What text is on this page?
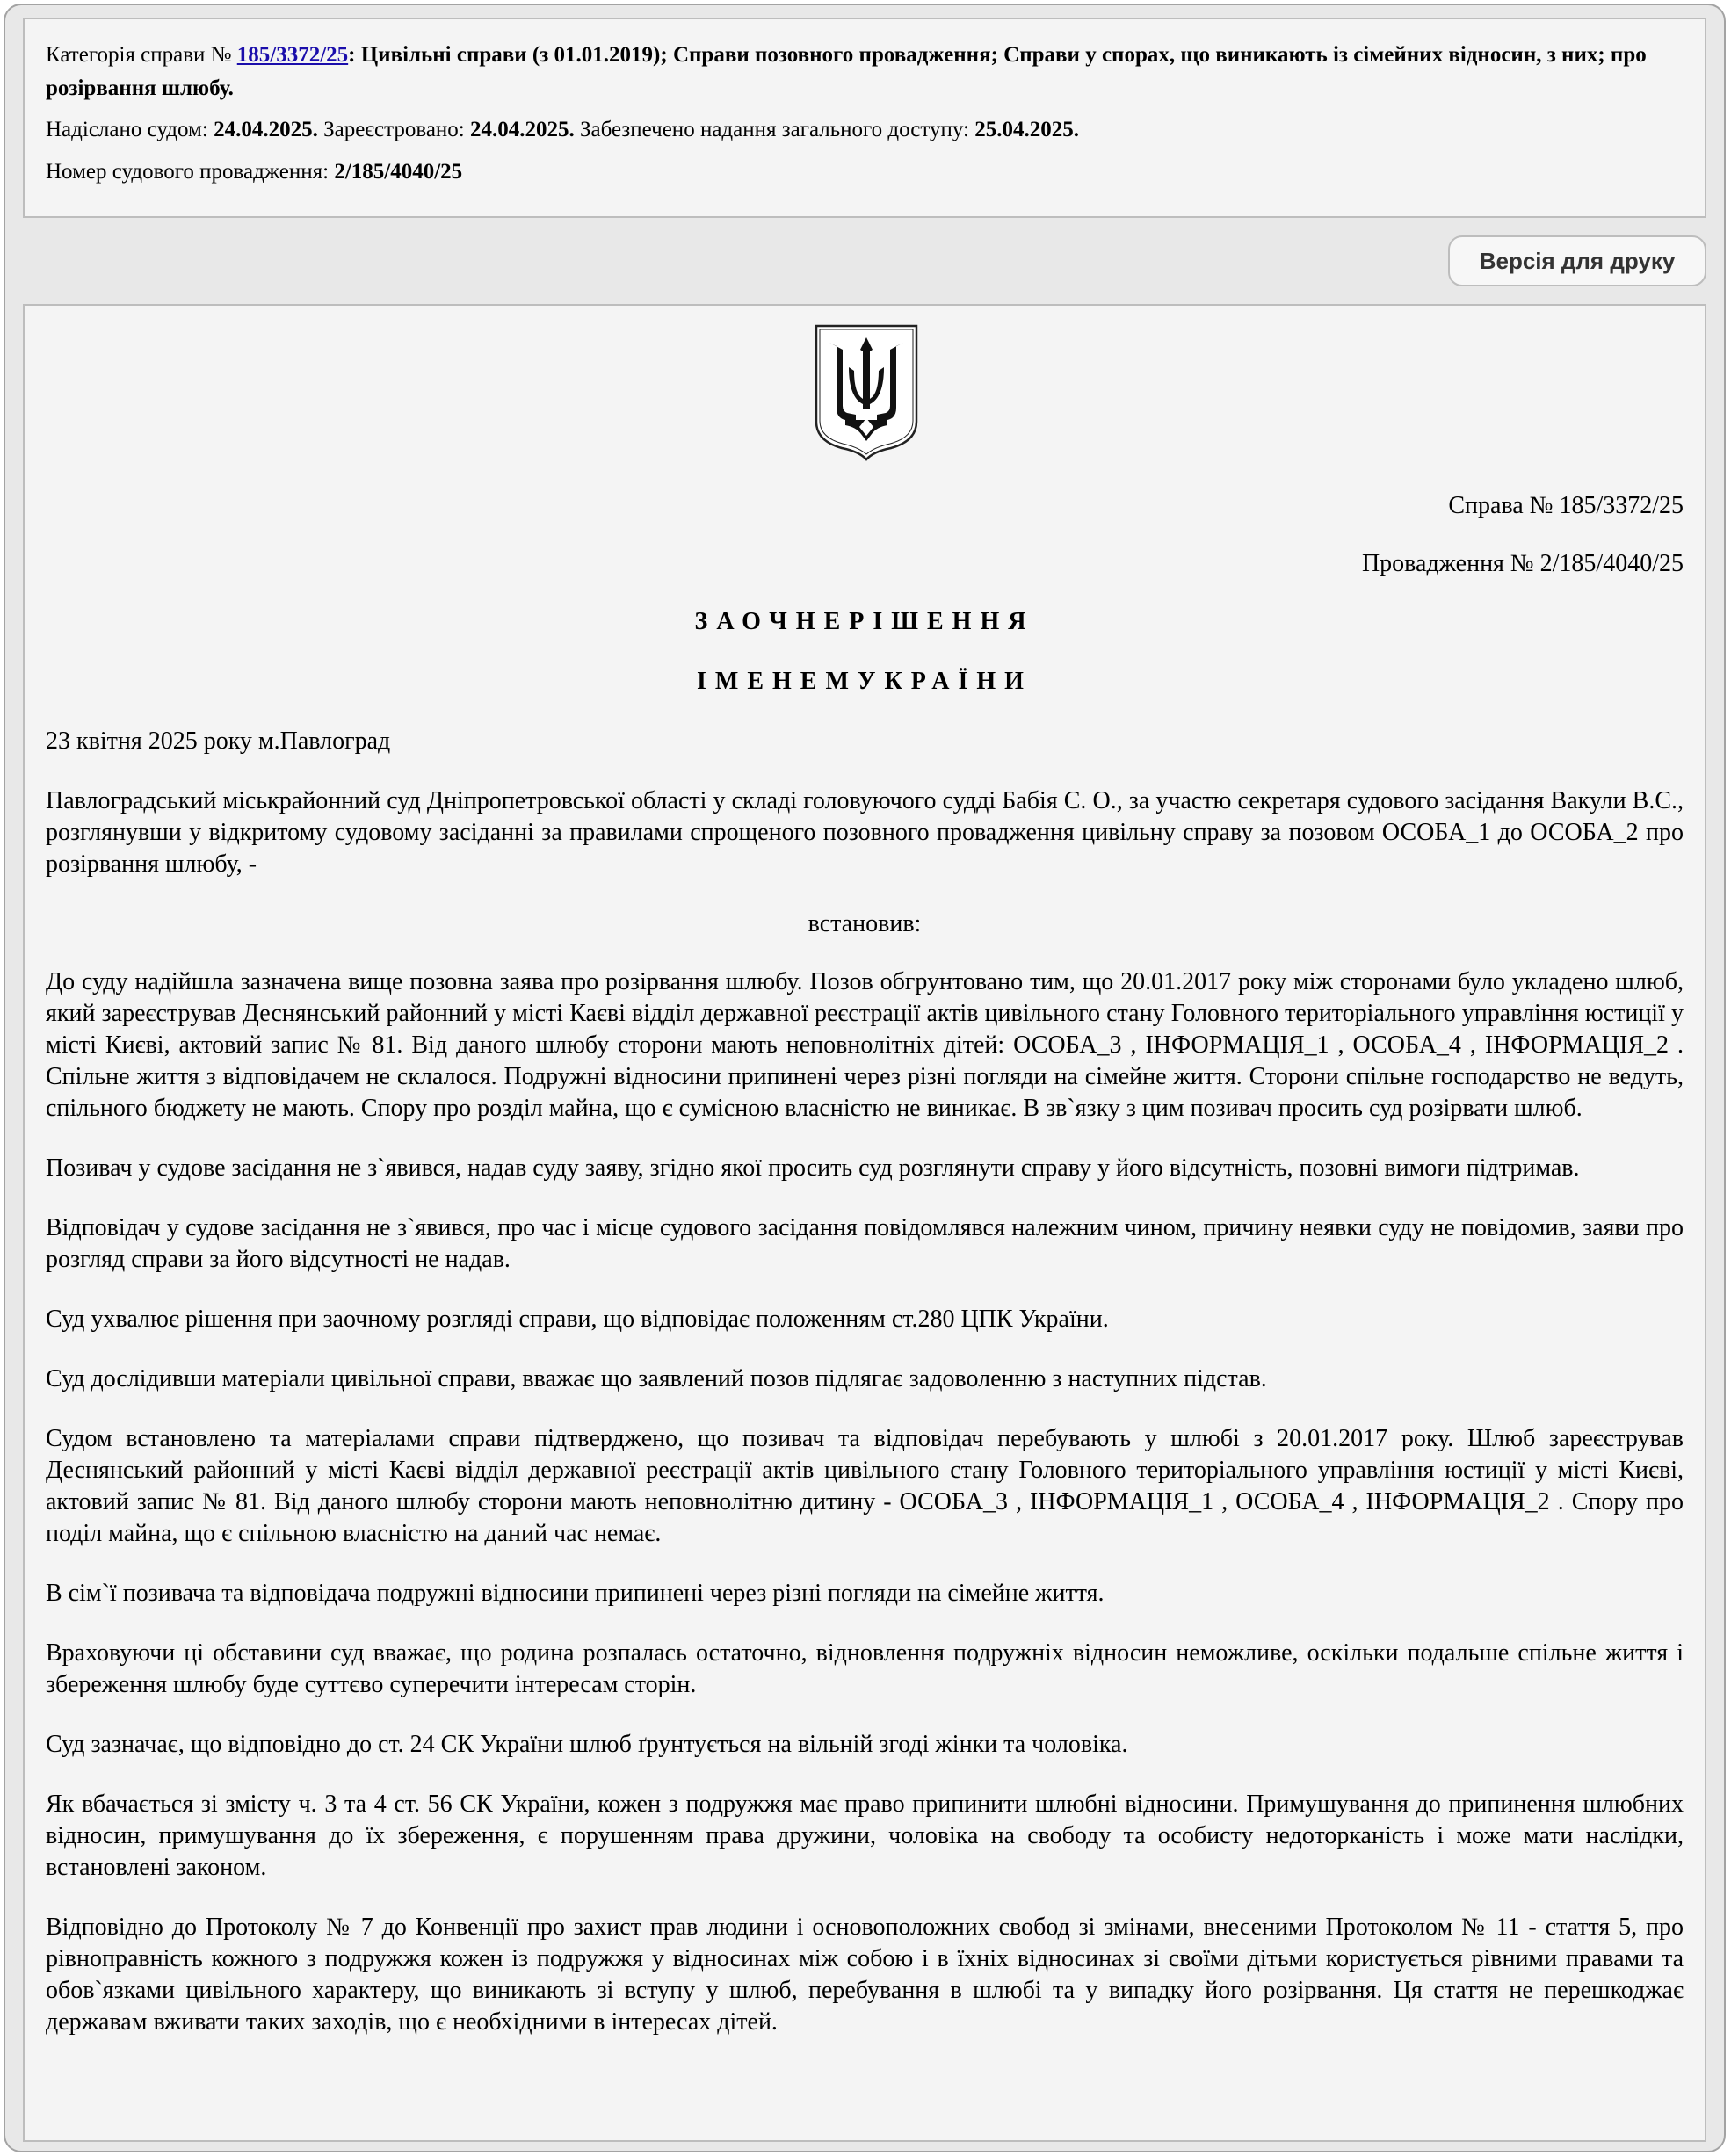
Категорія справи № 185/3372/25: Цивільні справи (з 01.01.2019); Справи позовного провадження; Справи у спорах, що виникають із сімейних відносин, з них; про розірвання шлюбу.
Надіслано судом: 24.04.2025. Зареєстровано: 24.04.2025. Забезпечено надання загального доступу: 25.04.2025.
Номер судового провадження: 2/185/4040/25
Версія для друку
Справа № 185/3372/25
Провадження № 2/185/4040/25
ЗАОЧНЕРІШЕННЯ
ІМЕНЕМУКРАЇНИ

23 квітня 2025 року м.Павлоград

Павлоградський міськрайонний суд Дніпропетровської області у складі головуючого судді Бабія С. О., за участю секретаря судового засідання Вакули В.С., розглянувши у відкритому судовому засіданні за правилами спрощеного позовного провадження цивільну справу за позовом ОСОБА_1 до ОСОБА_2 про розірвання шлюбу, -

встановив:

До суду надійшла зазначена вище позовна заява про розірвання шлюбу. Позов обгрунтовано тим, що 20.01.2017 року між сторонами було укладено шлюб, який зареєстрував Деснянський районний у місті Каєві відділ державної реєстрації актів цивільного стану Головного територіального управління юстиції у місті Києві, актовий запис № 81. Від даного шлюбу сторони мають неповнолітніх дітей: ОСОБА_3 , ІНФОРМАЦІЯ_1 , ОСОБА_4 , ІНФОРМАЦІЯ_2 . Спільне життя з відповідачем не склалося. Подружні відносини припинені через різні погляди на сімейне життя. Сторони спільне господарство не ведуть, спільного бюджету не мають. Спору про розділ майна, що є сумісною власністю не виникає. В зв`язку з цим позивач просить суд розірвати шлюб.

Позивач у судове засідання не з`явився, надав суду заяву, згідно якої просить суд розглянути справу у його відсутність, позовні вимоги підтримав.

Відповідач у судове засідання не з`явився, про час і місце судового засідання повідомлявся належним чином, причину неявки суду не повідомив, заяви про розгляд справи за його відсутності не надав.

Суд ухвалює рішення при заочному розгляді справи, що відповідає положенням ст.280 ЦПК України.

Суд дослідивши матеріали цивільної справи, вважає що заявлений позов підлягає задоволенню з наступних підстав.

Судом встановлено та матеріалами справи підтверджено, що позивач та відповідач перебувають у шлюбі з 20.01.2017 року. Шлюб зареєстрував Деснянський районний у місті Каєві відділ державної реєстрації актів цивільного стану Головного територіального управління юстиції у місті Києві, актовий запис № 81. Від даного шлюбу сторони мають неповнолітню дитину - ОСОБА_3 , ІНФОРМАЦІЯ_1 , ОСОБА_4 , ІНФОРМАЦІЯ_2 . Спору про поділ майна, що є спільною власністю на даний час немає.

В сім`ї позивача та відповідача подружні відносини припинені через різні погляди на сімейне життя.

Враховуючи ці обставини суд вважає, що родина розпалась остаточно, відновлення подружніх відносин неможливе, оскільки подальше спільне життя і збереження шлюбу буде суттєво суперечити інтересам сторін.

Суд зазначає, що відповідно до ст. 24 СК України шлюб ґрунтується на вільній згоді жінки та чоловіка.

Як вбачається зі змісту ч. 3 та 4 ст. 56 СК України, кожен з подружжя має право припинити шлюбні відносини. Примушування до припинення шлюбних відносин, примушування до їх збереження, є порушенням права дружини, чоловіка на свободу та особисту недоторканість і може мати наслідки, встановлені законом.

Відповідно до Протоколу № 7 до Конвенції про захист прав людини і основоположних свобод зі змінами, внесеними Протоколом № 11 - стаття 5, про рівноправність кожного з подружжя кожен із подружжя у відносинах між собою і в їхніх відносинах зі своїми дітьми користується рівними правами та обов`язками цивільного характеру, що виникають зі вступу у шлюб, перебування в шлюбі та у випадку його розірвання. Ця стаття не перешкоджає державам вживати таких заходів, що є необхідними в інтересах дітей.
